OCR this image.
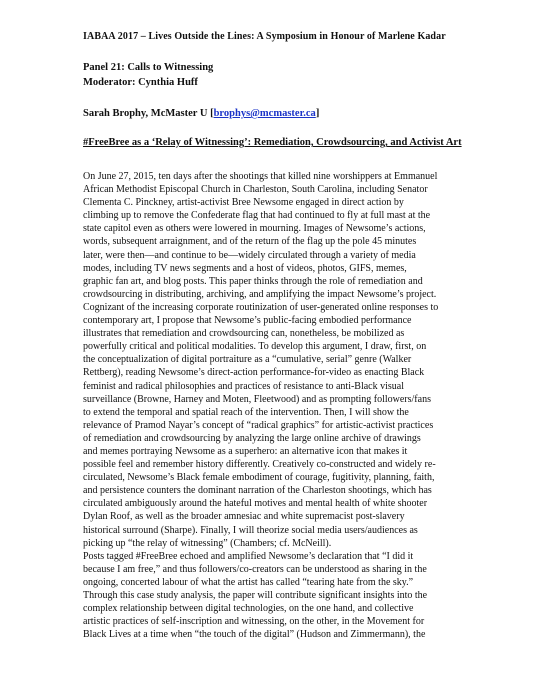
IABAA 2017 – Lives Outside the Lines: A Symposium in Honour of Marlene Kadar
Panel 21: Calls to Witnessing
Moderator: Cynthia Huff
Sarah Brophy, McMaster U [brophys@mcmaster.ca]
#FreeBree as a ‘Relay of Witnessing’: Remediation, Crowdsourcing, and Activist Art
On June 27, 2015, ten days after the shootings that killed nine worshippers at Emmanuel
African Methodist Episcopal Church in Charleston, South Carolina, including Senator
Clementa C. Pinckney, artist-activist Bree Newsome engaged in direct action by
climbing up to remove the Confederate flag that had continued to fly at full mast at the
state capitol even as others were lowered in mourning. Images of Newsome’s actions,
words, subsequent arraignment, and of the return of the flag up the pole 45 minutes
later, were then—and continue to be—widely circulated through a variety of media
modes, including TV news segments and a host of videos, photos, GIFS, memes,
graphic fan art, and blog posts. This paper thinks through the role of remediation and
crowdsourcing in distributing, archiving, and amplifying the impact Newsome’s project.
Cognizant of the increasing corporate routinization of user-generated online responses to
contemporary art, I propose that Newsome’s public-facing embodied performance
illustrates that remediation and crowdsourcing can, nonetheless, be mobilized as
powerfully critical and political modalities. To develop this argument, I draw, first, on
the conceptualization of digital portraiture as a “cumulative, serial” genre (Walker
Rettberg), reading Newsome’s direct-action performance-for-video as enacting Black
feminist and radical philosophies and practices of resistance to anti-Black visual
surveillance (Browne, Harney and Moten, Fleetwood) and as prompting followers/fans
to extend the temporal and spatial reach of the intervention. Then, I will show the
relevance of Pramod Nayar’s concept of “radical graphics” for artistic-activist practices
of remediation and crowdsourcing by analyzing the large online archive of drawings
and memes portraying Newsome as a superhero: an alternative icon that makes it
possible feel and remember history differently. Creatively co-constructed and widely re-
circulated, Newsome’s Black female embodiment of courage, fugitivity, planning, faith,
and persistence counters the dominant narration of the Charleston shootings, which has
circulated ambiguously around the hateful motives and mental health of white shooter
Dylan Roof, as well as the broader amnesiac and white supremacist post-slavery
historical surround (Sharpe). Finally, I will theorize social media users/audiences as
picking up “the relay of witnessing” (Chambers; cf. McNeill).
Posts tagged #FreeBree echoed and amplified Newsome’s declaration that “I did it
because I am free,” and thus followers/co-creators can be understood as sharing in the
ongoing, concerted labour of what the artist has called “tearing hate from the sky.”
Through this case study analysis, the paper will contribute significant insights into the
complex relationship between digital technologies, on the one hand, and collective
artistic practices of self-inscription and witnessing, on the other, in the Movement for
Black Lives at a time when “the touch of the digital” (Hudson and Zimmermann), the
